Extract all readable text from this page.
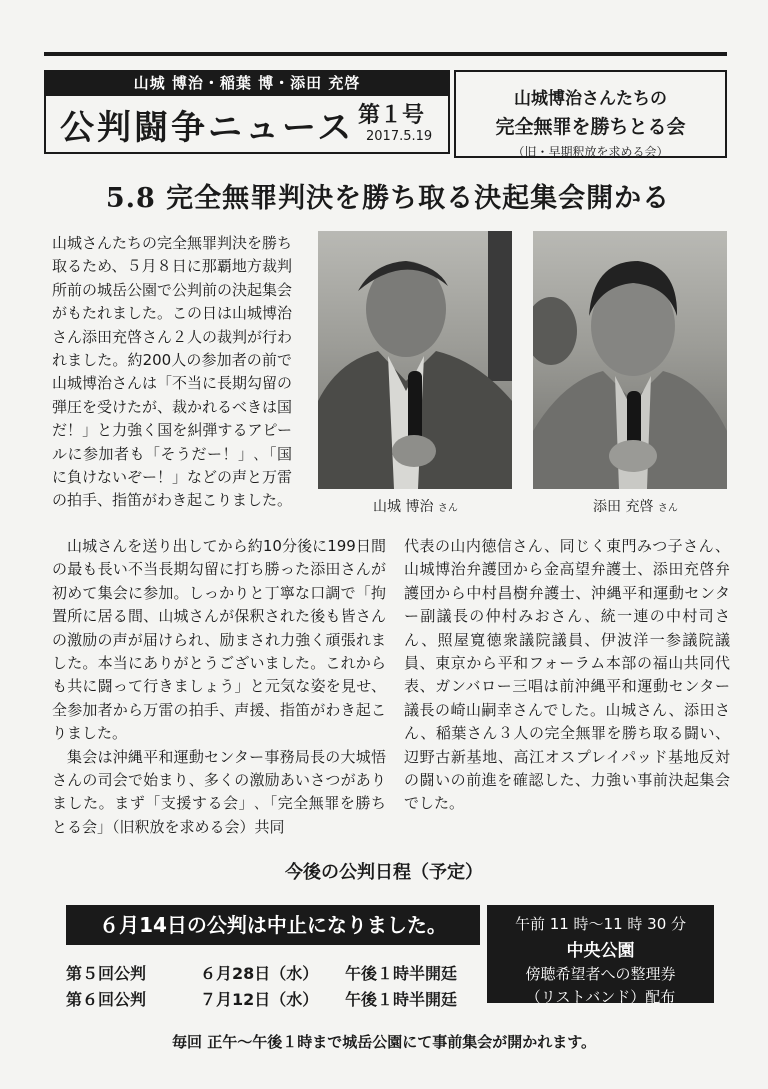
山城 博治・稲葉 博・添田 充啓
公判闘争ニュース 第１号
2017.5.19
山城博治さんたちの
完全無罪を勝ちとる会
（旧・早期釈放を求める会）
5.8 完全無罪判決を勝ち取る決起集会開かる

山城さんたちの完全無罪判決を勝ち取るため、５月８日に那覇地方裁判所前の城岳公園で公判前の決起集会がもたれました。この日は山城博治さん添田充啓さん２人の裁判が行われました。約200人の参加者の前で山城博治さんは「不当に長期勾留の弾圧を受けたが、裁かれるべきは国だ！」と力強く国を糾弾するアピールに参加者も「そうだー！」､「国に負けないぞー！」などの声と万雷の拍手、指笛がわき起こりました。	山城 博治 さん	添田 充啓 さん
山城さんを送り出してから約10分後に199日間の最も長い不当長期勾留に打ち勝った添田さんが初めて集会に参加。しっかりと丁寧な口調で「拘置所に居る間、山城さんが保釈された後も皆さんの激励の声が届けられ、励まされ力強く頑張れました。本当にありがとうございました。これからも共に闘って行きましょう」と元気な姿を見せ、全参加者から万雷の拍手、声援、指笛がわき起こりました。
集会は沖縄平和運動センター事務局長の大城悟さんの司会で始まり、多くの激励あいさつがありました。まず「支援する会」､「完全無罪を勝ちとる会」（旧釈放を求める会）共同

代表の山内徳信さん、同じく東門みつ子さん、山城博治弁護団から金高望弁護士、添田充啓弁護団から中村昌樹弁護士、沖縄平和運動センター副議長の仲村みおさん、統一連の中村司さん、照屋寛徳衆議院議員、伊波洋一参議院議員、東京から平和フォーラム本部の福山共同代表、ガンバロー三唱は前沖縄平和運動センター議長の崎山嗣幸さんでした。山城さん、添田さん、稲葉さん３人の完全無罪を勝ち取る闘い、辺野古新基地、高江オスプレイパッド基地反対の闘いの前進を確認した、力強い事前決起集会でした。

今後の公判日程（予定）
６月14日の公判は中止になりました。
第５回公判	６月28日（水） 午後１時半開廷
第６回公判	７月12日（水） 午後１時半開廷
午前 11 時〜11 時 30 分
中央公園
傍聴希望者への整理券
（リストバンド）配布
毎回 正午〜午後１時まで城岳公園にて事前集会が開かれます。
